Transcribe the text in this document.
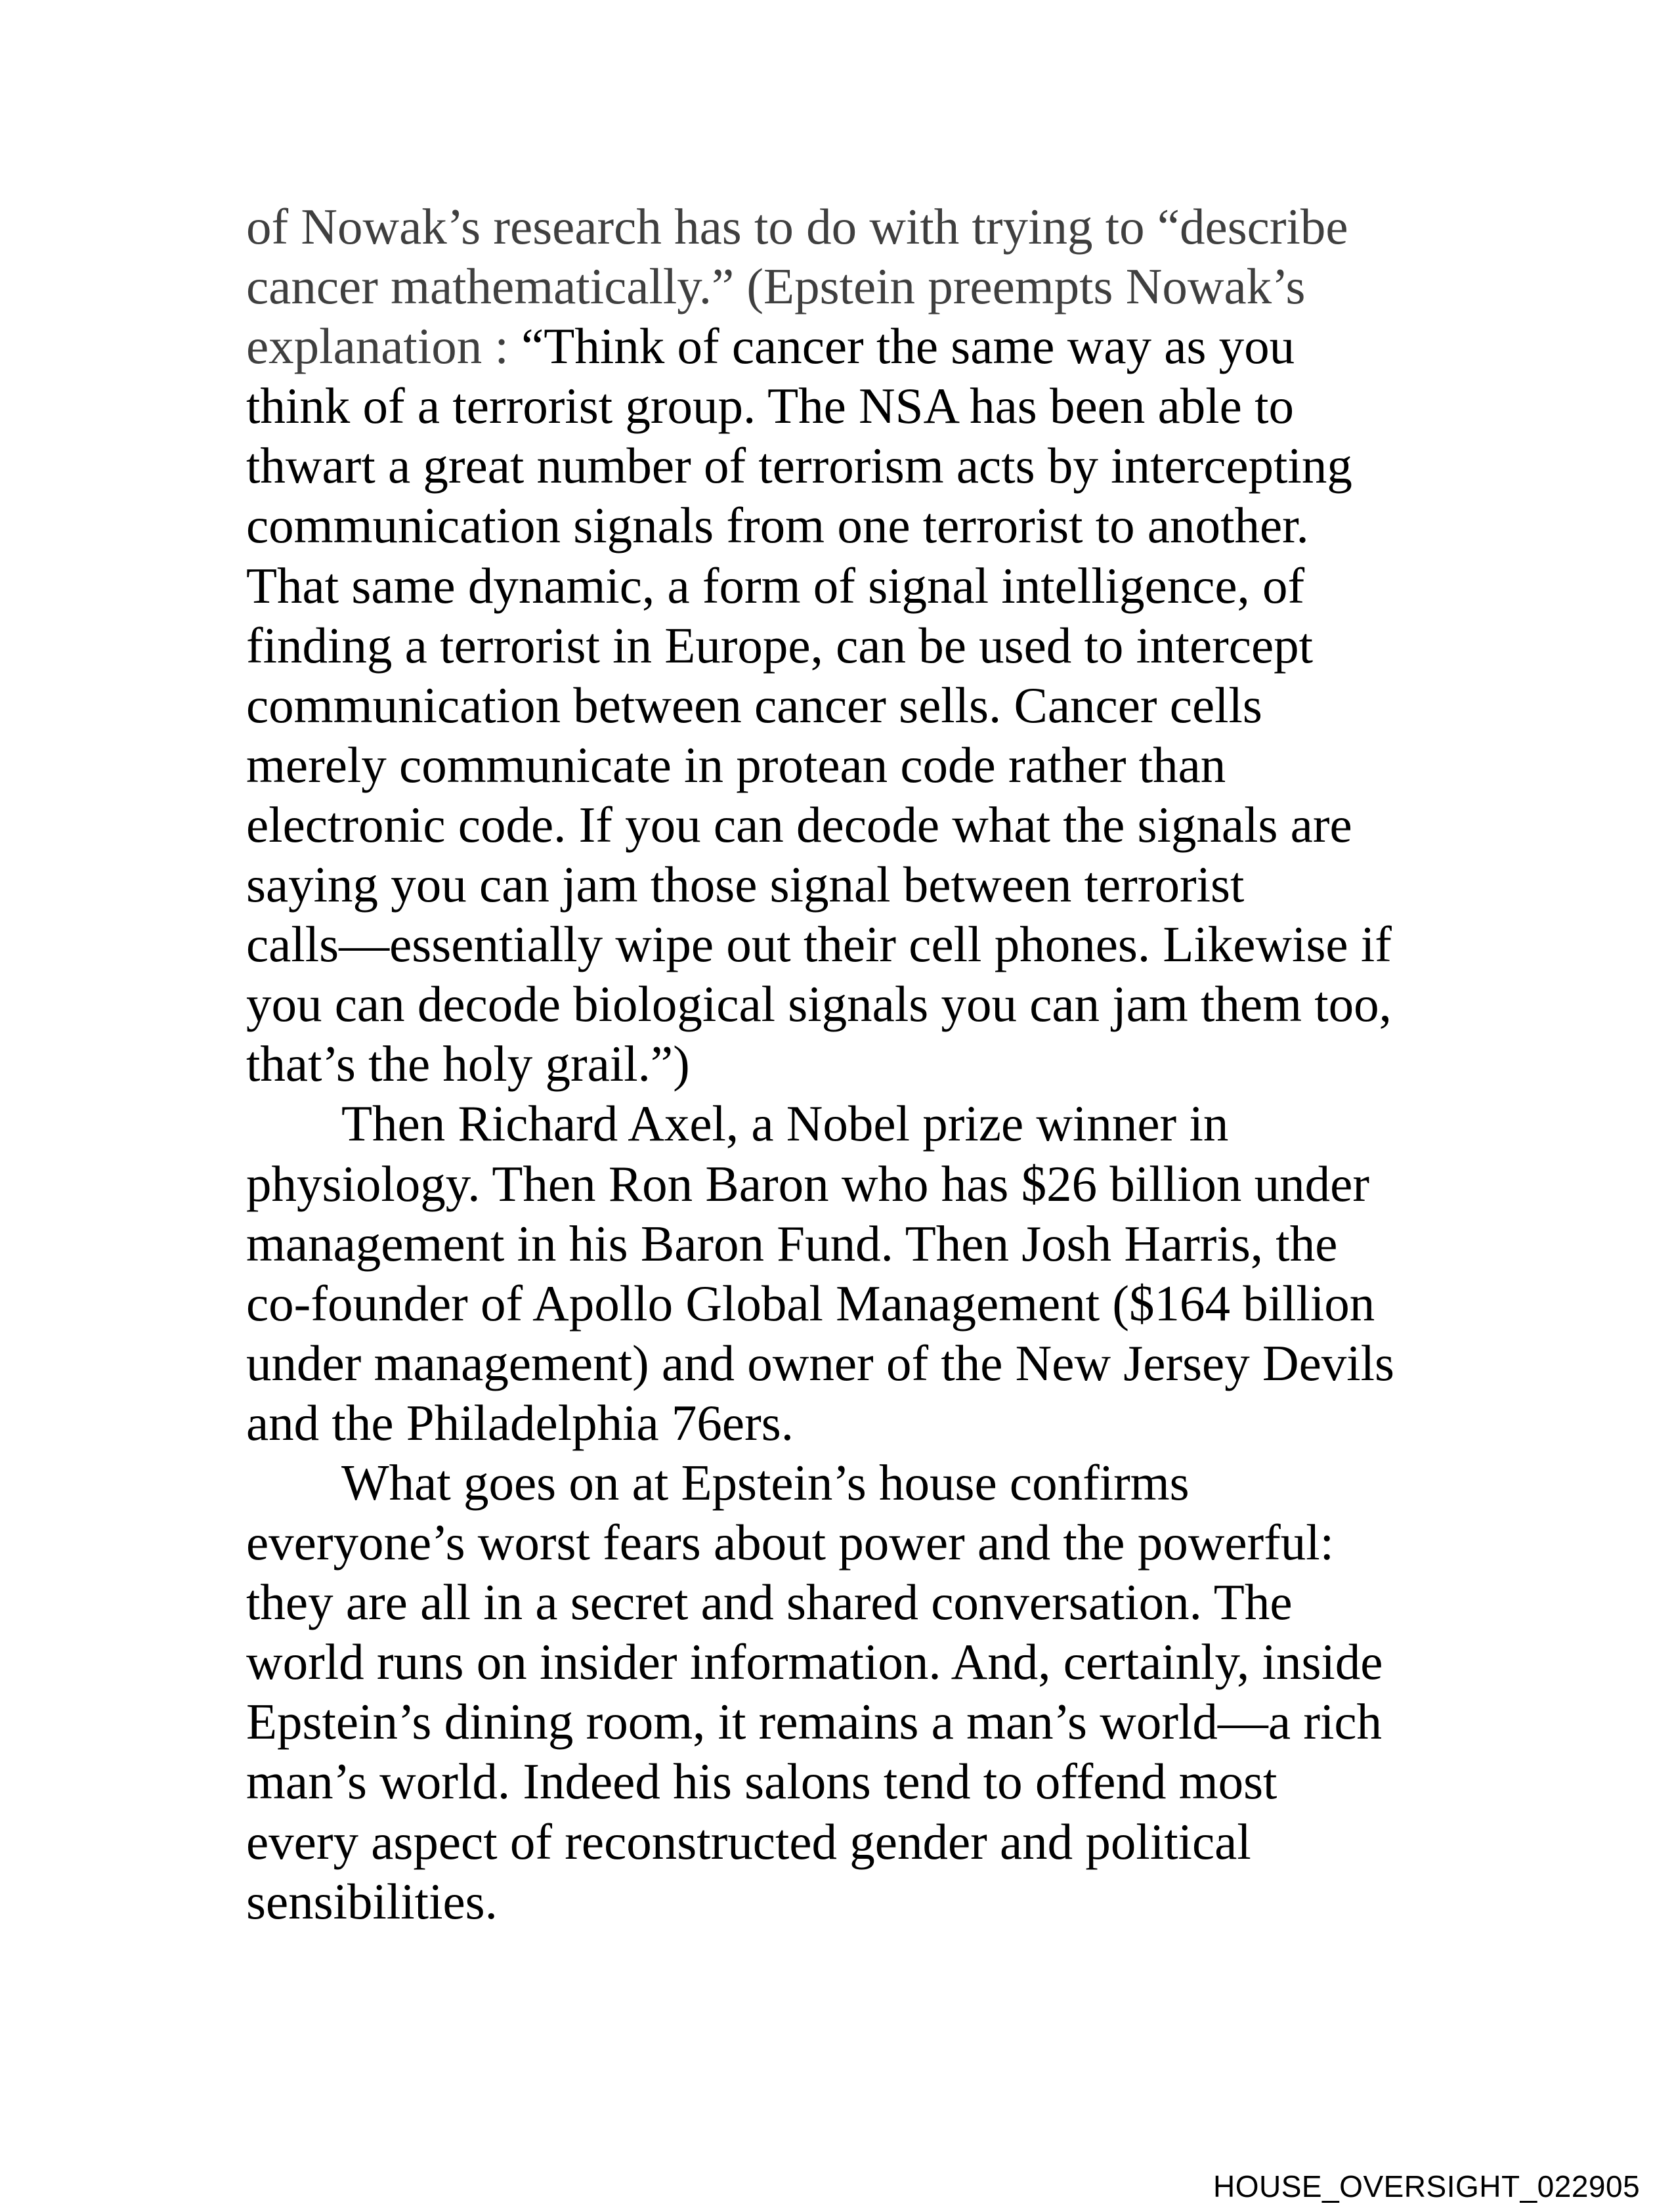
of Nowak’s research has to do with trying to “describe
cancer mathematically.” (Epstein preempts Nowak’s
explanation : “Think of cancer the same way as you
think of a terrorist group. The NSA has been able to
thwart a great number of terrorism acts by intercepting
communication signals from one terrorist to another.
That same dynamic, a form of signal intelligence, of
finding a terrorist in Europe, can be used to intercept
communication between cancer sells. Cancer cells
merely communicate in protean code rather than
electronic code. If you can decode what the signals are
saying you can jam those signal between terrorist
calls—essentially wipe out their cell phones. Likewise if
you can decode biological signals you can jam them too,
that’s the holy grail.”)
Then Richard Axel, a Nobel prize winner in
physiology. Then Ron Baron who has $26 billion under
management in his Baron Fund. Then Josh Harris, the
co-founder of Apollo Global Management ($164 billion
under management) and owner of the New Jersey Devils
and the Philadelphia 76ers.
What goes on at Epstein’s house confirms
everyone’s worst fears about power and the powerful:
they are all in a secret and shared conversation. The
world runs on insider information. And, certainly, inside
Epstein’s dining room, it remains a man’s world—a rich
man’s world. Indeed his salons tend to offend most
every aspect of reconstructed gender and political
sensibilities.
HOUSE_OVERSIGHT_022905
